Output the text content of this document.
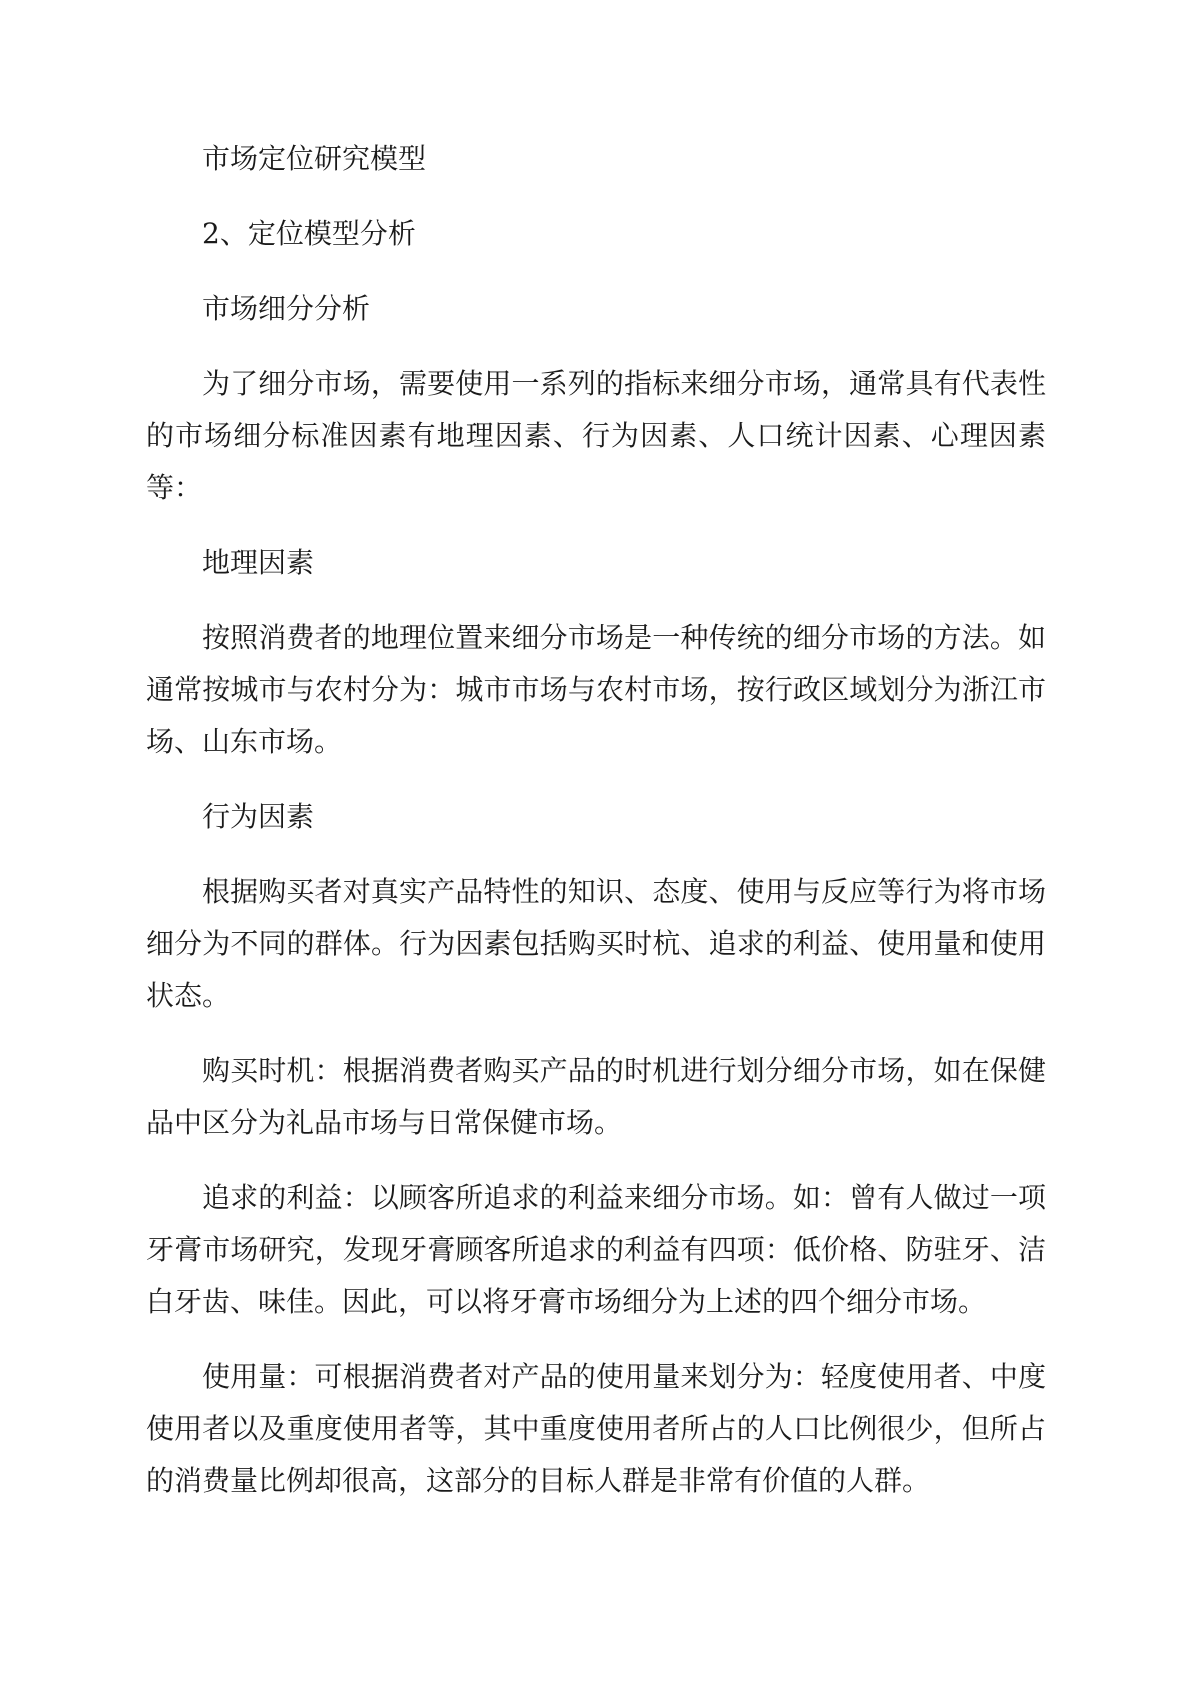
市场定位研究模型

2、定位模型分析

市场细分分析

为了细分市场，需要使用一系列的指标来细分市场，通常具有代表性的市场细分标准因素有地理因素、行为因素、人口统计因素、心理因素等：

地理因素

按照消费者的地理位置来细分市场是一种传统的细分市场的方法。如通常按城市与农村分为：城市市场与农村市场，按行政区域划分为浙江市场、山东市场。

行为因素

根据购买者对真实产品特性的知识、态度、使用与反应等行为将市场细分为不同的群体。行为因素包括购买时杭、追求的利益、使用量和使用状态。

购买时机：根据消费者购买产品的时机进行划分细分市场，如在保健品中区分为礼品市场与日常保健市场。

追求的利益：以顾客所追求的利益来细分市场。如：曾有人做过一项牙膏市场研究，发现牙膏顾客所追求的利益有四项：低价格、防驻牙、洁白牙齿、味佳。因此，可以将牙膏市场细分为上述的四个细分市场。

使用量：可根据消费者对产品的使用量来划分为：轻度使用者、中度使用者以及重度使用者等，其中重度使用者所占的人口比例很少，但所占的消费量比例却很高，这部分的目标人群是非常有价值的人群。
